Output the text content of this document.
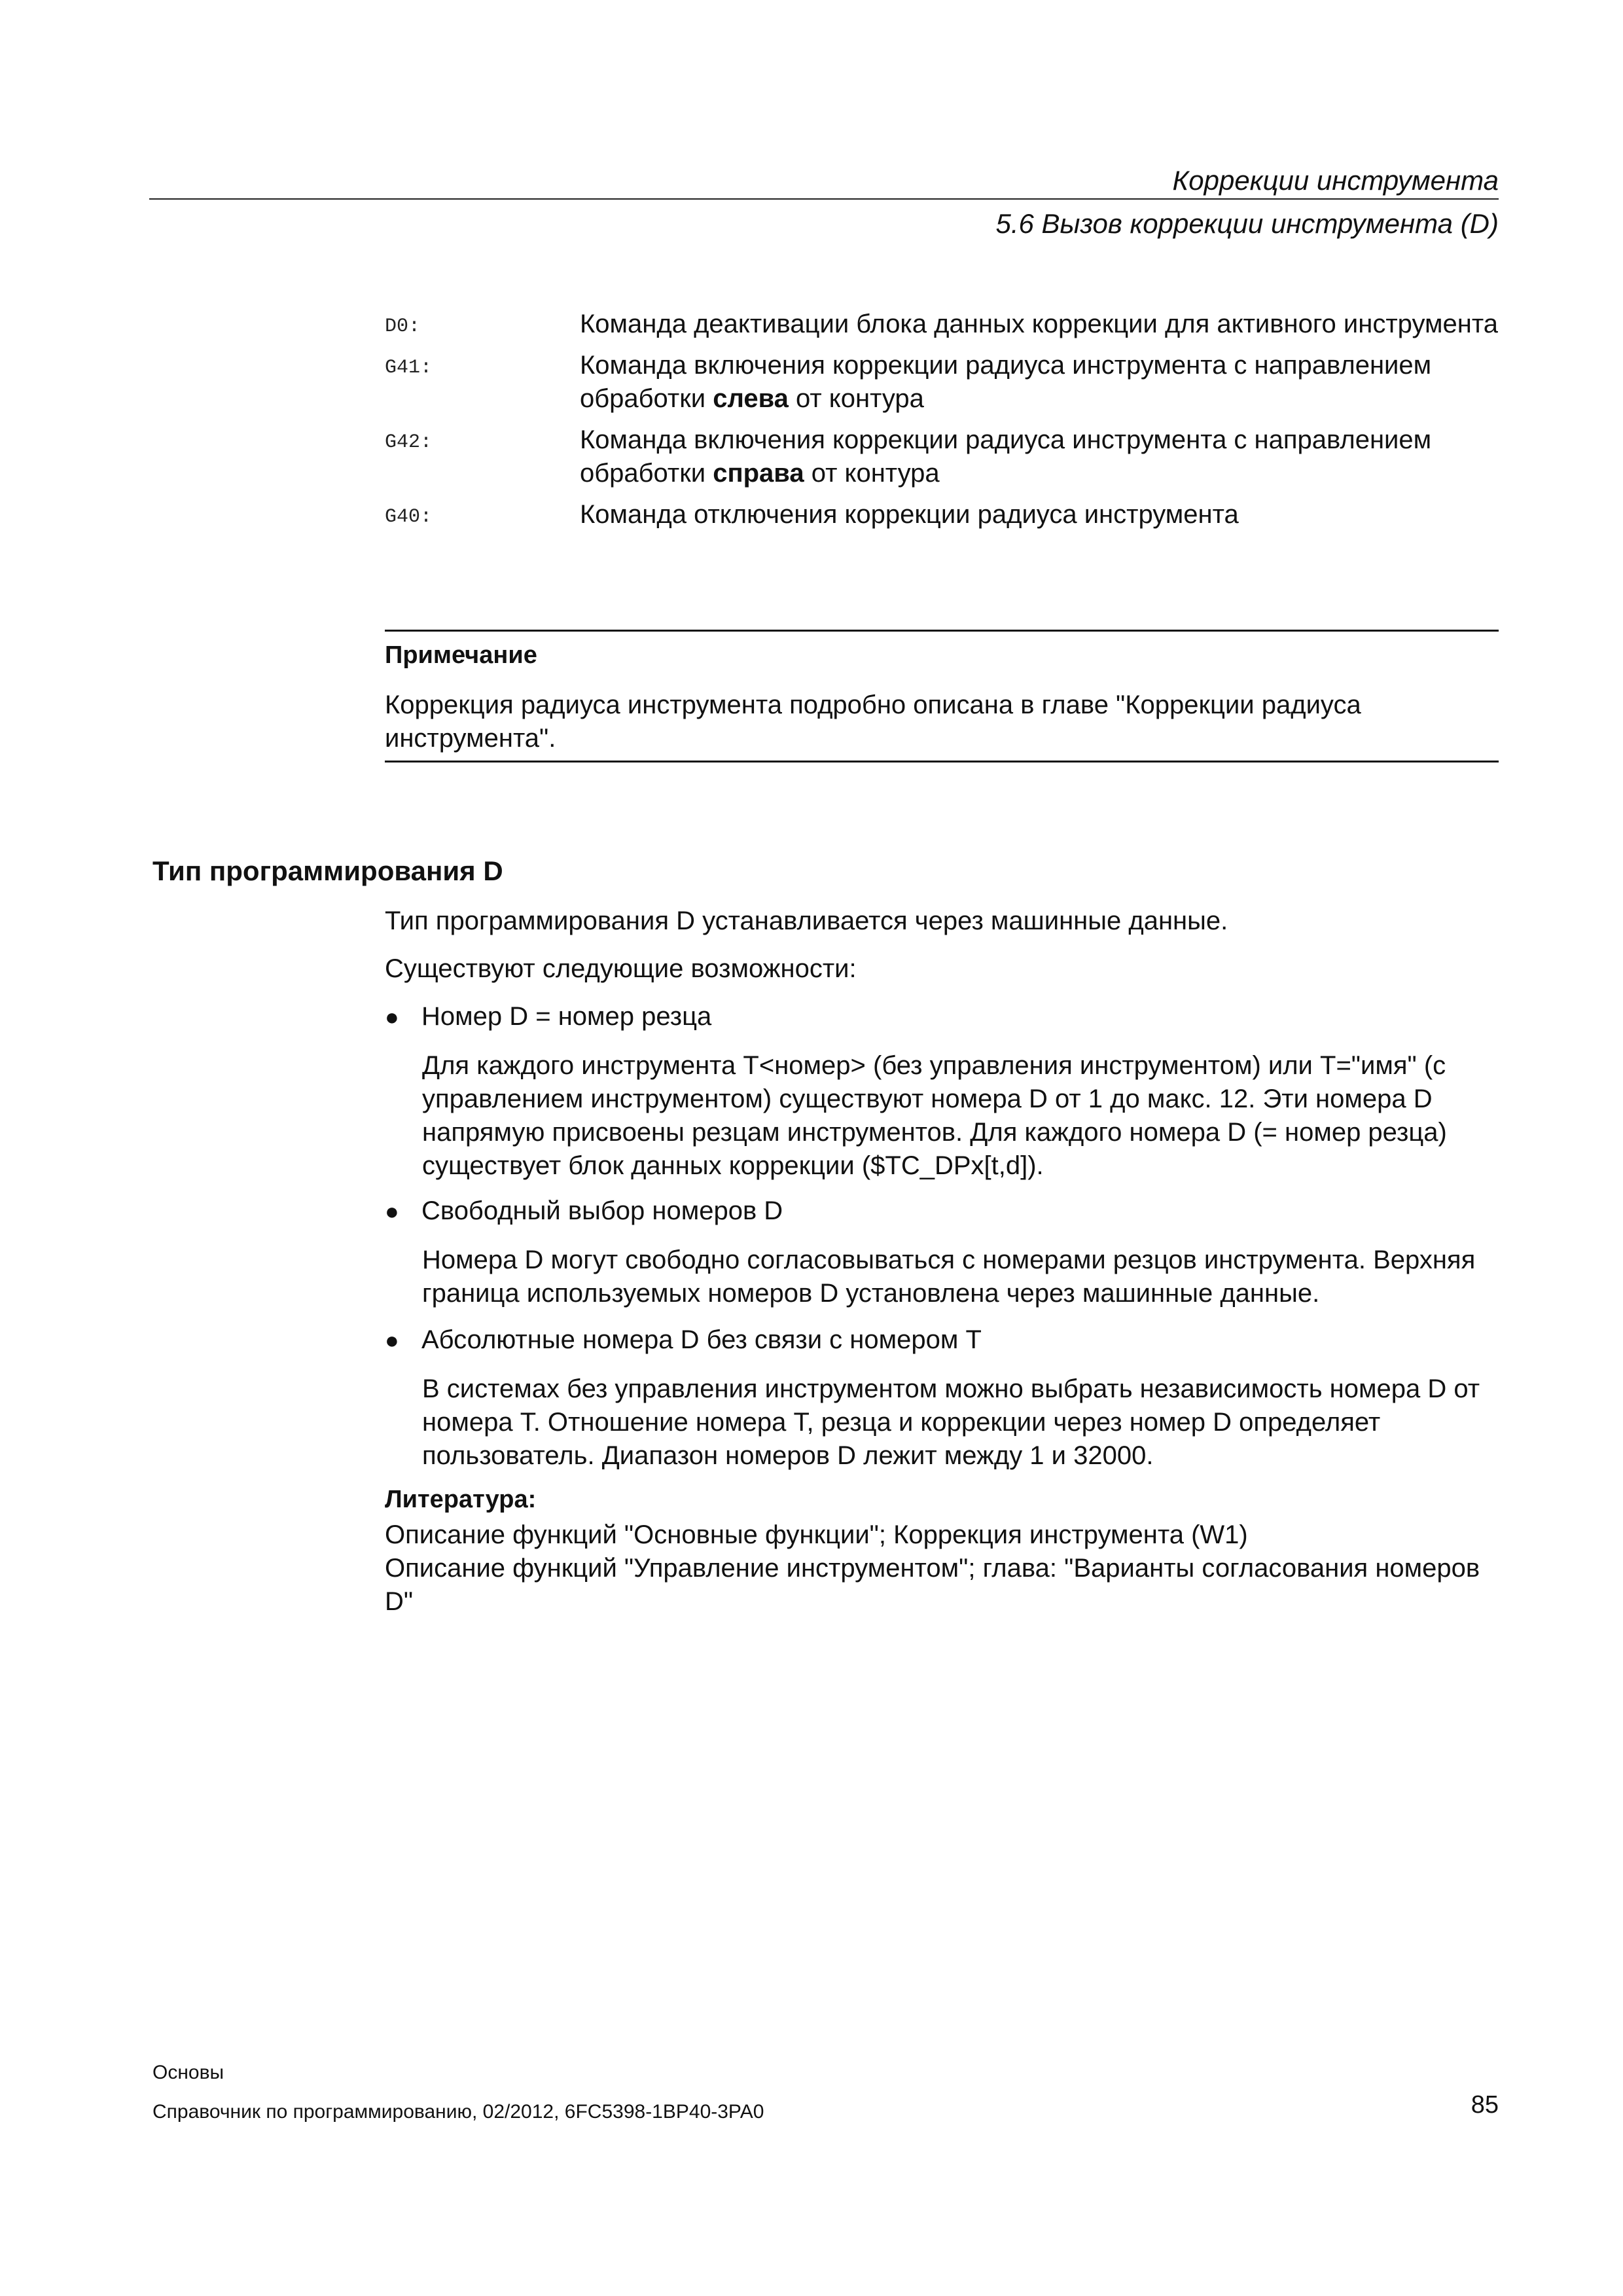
Коррекции инструмента
5.6 Вызов коррекции инструмента (D)
D0:	Команда деактивации блока данных коррекции для активного инструмента
G41:	Команда включения коррекции радиуса инструмента с направлением обработки слева от контура
G42:	Команда включения коррекции радиуса инструмента с направлением обработки справа от контура
G40:	Команда отключения коррекции радиуса инструмента
Примечание
Коррекция радиуса инструмента подробно описана в главе "Коррекции радиуса инструмента".
Тип программирования D
Тип программирования D устанавливается через машинные данные.
Существуют следующие возможности:
● Номер D = номер резца
Для каждого инструмента T<номер> (без управления инструментом) или T="имя" (с управлением инструментом) существуют номера D от 1 до макс. 12. Эти номера D напрямую присвоены резцам инструментов. Для каждого номера D (= номер резца) существует блок данных коррекции ($TC_DPx[t,d]).
● Свободный выбор номеров D
Номера D могут свободно согласовываться с номерами резцов инструмента. Верхняя граница используемых номеров D установлена через машинные данные.
● Абсолютные номера D без связи с номером T
В системах без управления инструментом можно выбрать независимость номера D от номера T. Отношение номера T, резца и коррекции через номер D определяет пользователь. Диапазон номеров D лежит между 1 и 32000.
Литература:
Описание функций "Основные функции"; Коррекция инструмента (W1)
Описание функций "Управление инструментом"; глава: "Варианты согласования номеров D"
Основы
Справочник по программированию, 02/2012, 6FC5398-1BP40-3PA0	85
